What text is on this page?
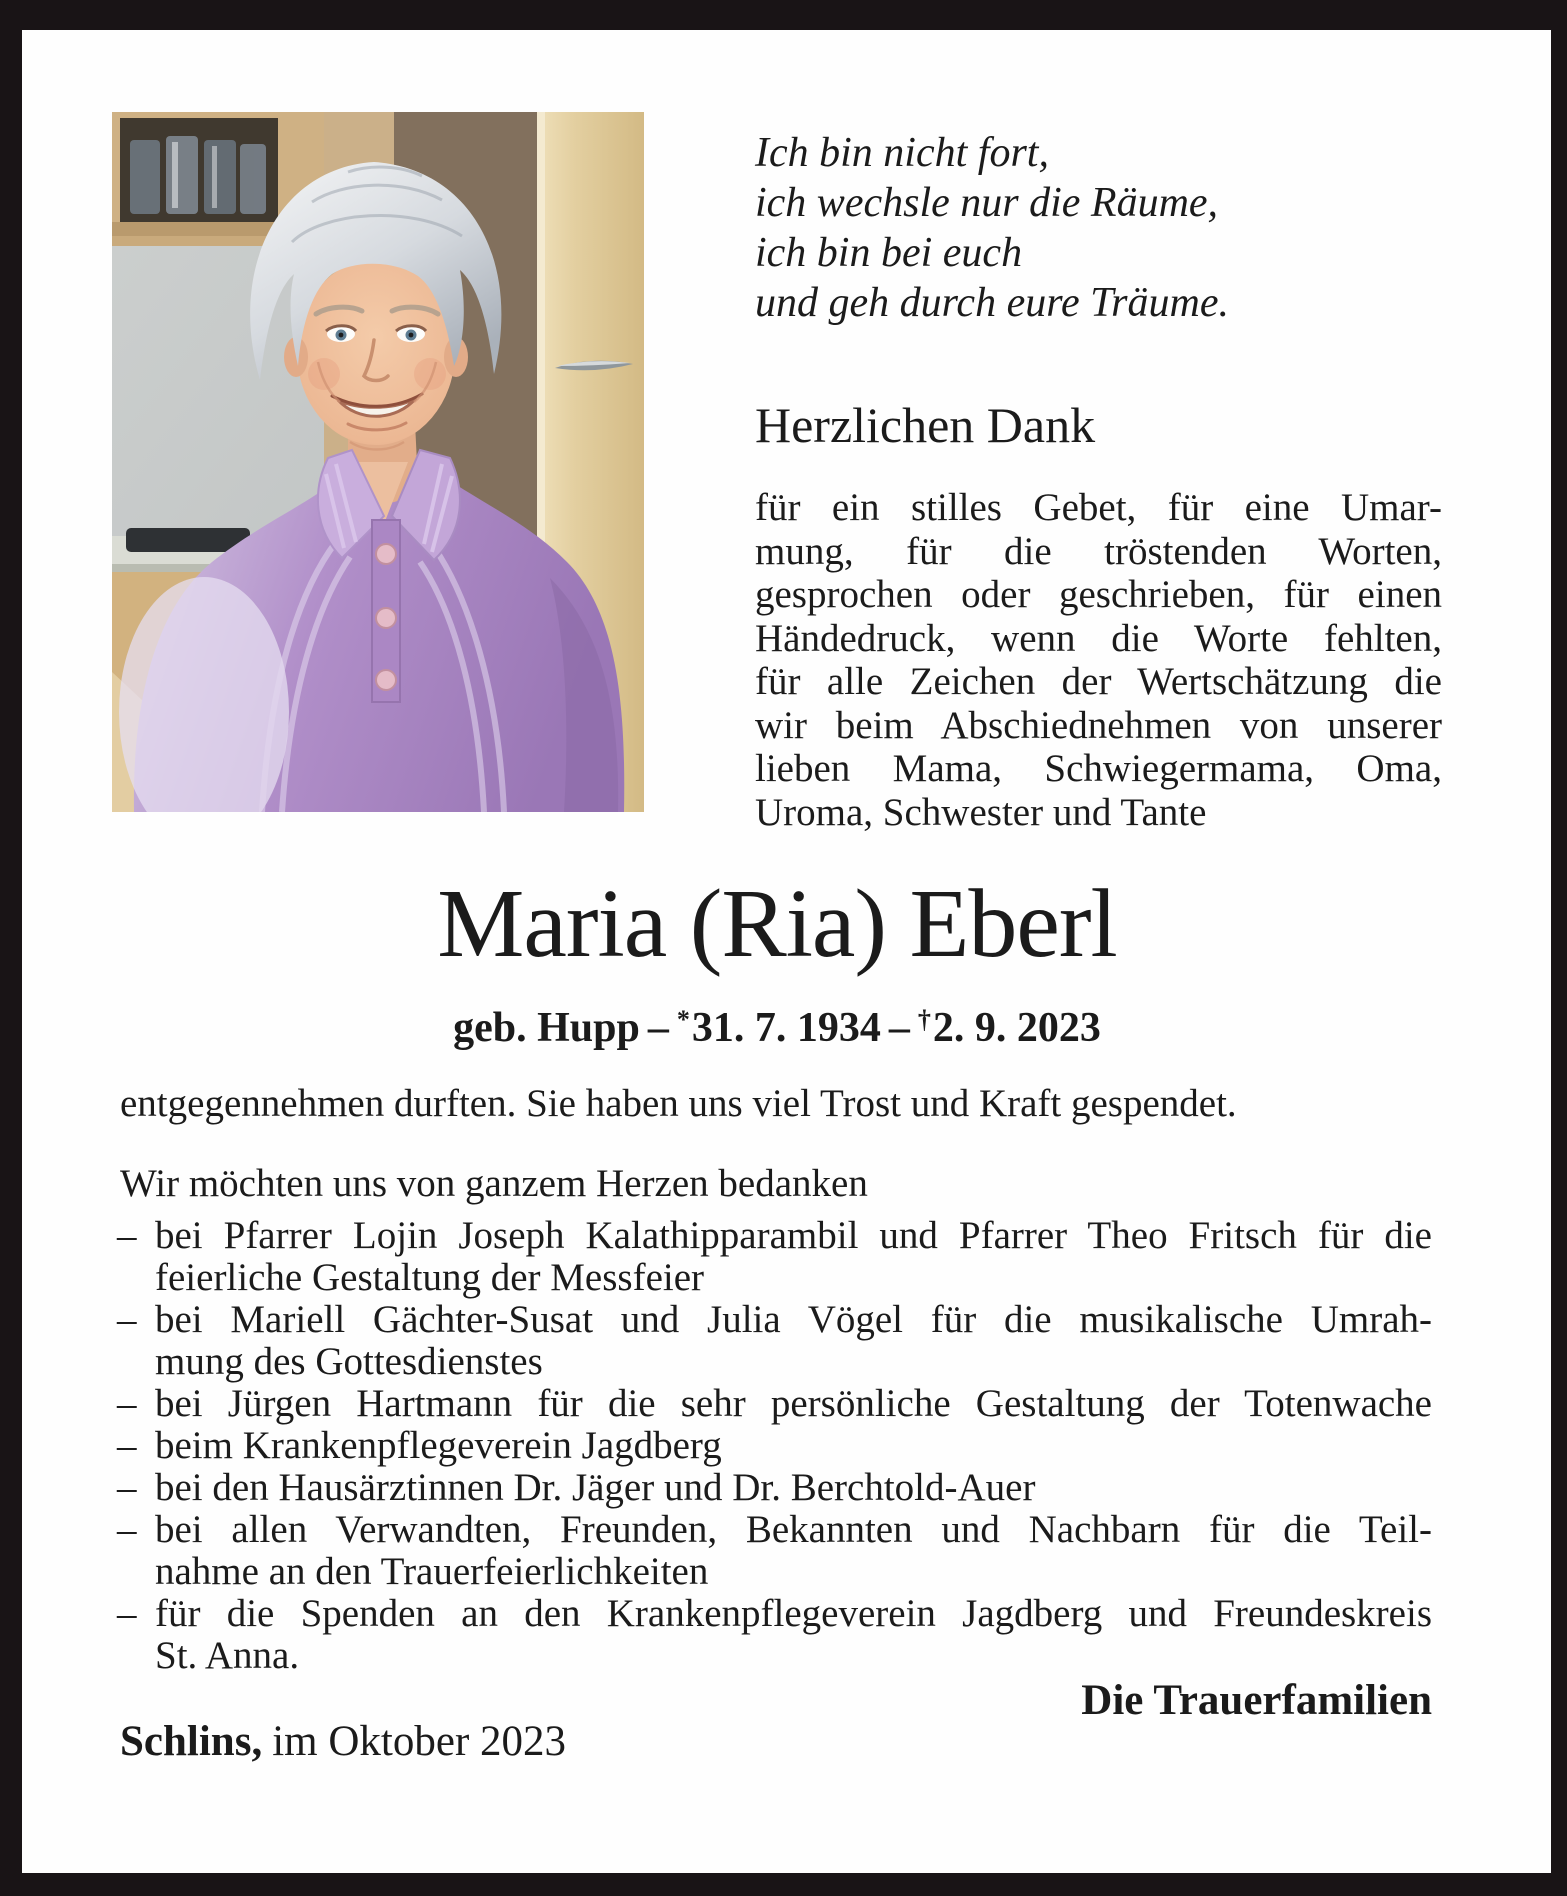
Ich bin nicht fort,
ich wechsle nur die Räume,
ich bin bei euch
und geh durch eure Träume.
Herzlichen Dank
für ein stilles Gebet, für eine Umar-
mung, für die tröstenden Worten,
gesprochen oder geschrieben, für einen
Händedruck, wenn die Worte fehlten,
für alle Zeichen der Wertschätzung die
wir beim Abschiednehmen von unserer
lieben Mama, Schwiegermama, Oma,
Uroma, Schwester und Tante
Maria (Ria) Eberl
geb. Hupp – *31. 7. 1934 – †2. 9. 2023
entgegennehmen durften. Sie haben uns viel Trost und Kraft gespendet.
Wir möchten uns von ganzem Herzen bedanken
– bei Pfarrer Lojin Joseph Kalathipparambil und Pfarrer Theo Fritsch für die
feierliche Gestaltung der Messfeier
– bei Mariell Gächter-Susat und Julia Vögel für die musikalische Umrah-
mung des Gottesdienstes
– bei Jürgen Hartmann für die sehr persönliche Gestaltung der Totenwache
– beim Krankenpflegeverein Jagdberg
– bei den Hausärztinnen Dr. Jäger und Dr. Berchtold-Auer
– bei allen Verwandten, Freunden, Bekannten und Nachbarn für die Teil-
nahme an den Trauerfeierlichkeiten
– für die Spenden an den Krankenpflegeverein Jagdberg und Freundeskreis
St. Anna.
Die Trauerfamilien
Schlins, im Oktober 2023
